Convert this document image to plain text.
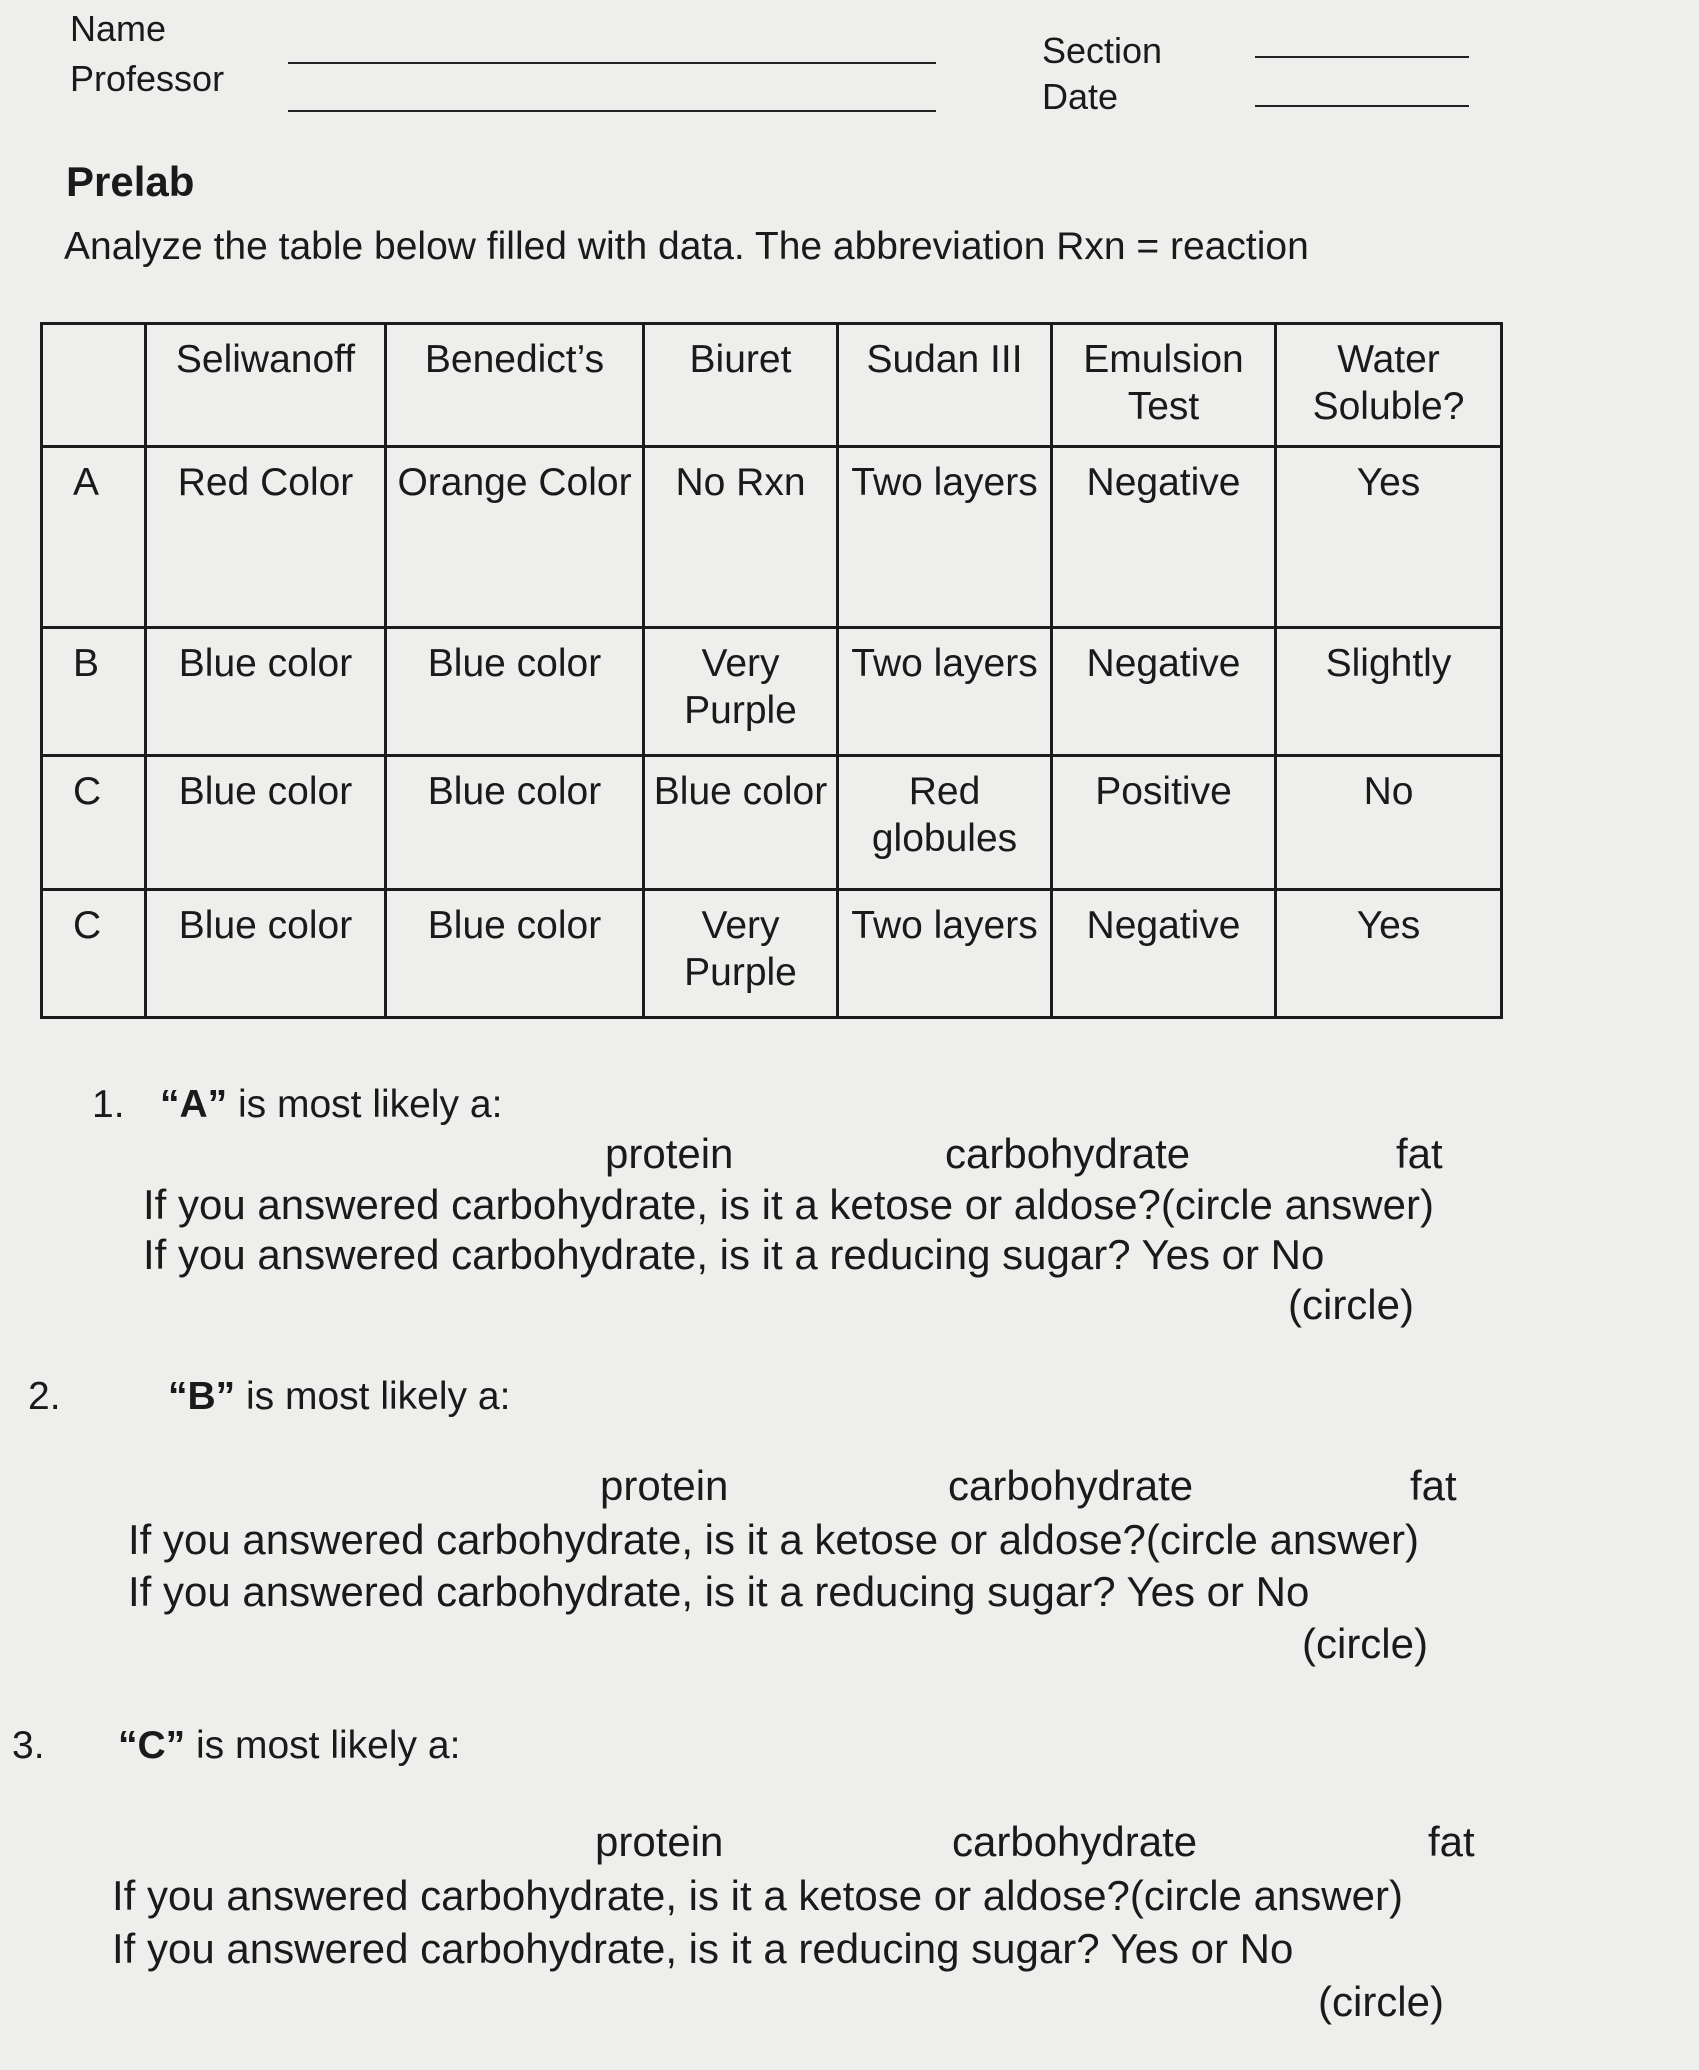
Name
Professor
Section
Date
Prelab
Analyze the table below filled with data. The abbreviation Rxn = reaction
	Seliwanoff	Benedict’s	Biuret	Sudan III	Emulsion Test	Water Soluble?
A	Red Color	Orange Color	No Rxn	Two layers	Negative	Yes
B	Blue color	Blue color	Very Purple	Two layers	Negative	Slightly
C	Blue color	Blue color	Blue color	Red globules	Positive	No
C	Blue color	Blue color	Very Purple	Two layers	Negative	Yes
1. “A” is most likely a:
protein	carbohydrate	fat
If you answered carbohydrate, is it a ketose or aldose?(circle answer)
If you answered carbohydrate, is it a reducing sugar? Yes or No
(circle)
2.	“B” is most likely a:
protein	carbohydrate	fat
If you answered carbohydrate, is it a ketose or aldose?(circle answer)
If you answered carbohydrate, is it a reducing sugar? Yes or No
(circle)
3. “C” is most likely a:
protein	carbohydrate	fat
If you answered carbohydrate, is it a ketose or aldose?(circle answer)
If you answered carbohydrate, is it a reducing sugar? Yes or No
(circle)
